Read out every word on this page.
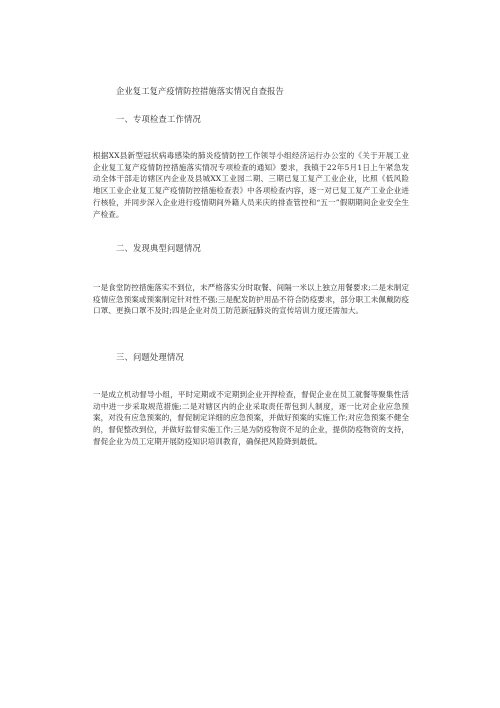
企业复工复产疫情防控措施落实情况自查报告
一、专项检查工作情况
根据XX县新型冠状病毒感染的肺炎疫情防控工作领导小组经济运行办公室的《关于开展工业企业复工复产疫情防控措施落实情况专项检查的通知》要求，我镇于22年5月1日上午紧急发动全体干部走访辖区内企业及县城XX工业园二期、三期已复工复产工业企业，比照《低风险地区工业企业复工复产疫情防控措施检查表》中各项检查内容，逐一对已复工复产工业企业进行核验，并同步深入企业进行疫情期间外籍人员来庆的排查管控和“五一”假期期间企业安全生产检查。
二、发现典型问题情况
一是食堂防控措施落实不到位，未严格落实分时取餐、间隔一米以上独立用餐要求;二是未制定疫情应急预案或预案制定针对性不强;三是配发防护用品不符合防疫要求，部分职工未佩戴防疫口罩、更换口罩不及时;四是企业对员工防范新冠肺炎的宣传培训力度还需加大。
三、问题处理情况
一是成立机动督导小组，平时定期或不定期到企业开捍检查，督促企业在员工就餐等聚集性活动中进一步采取规范措施;二是对辖区内的企业采取责任帮包到人制度，逐一比对企业应急预案，对没有应急预案的，督促制定详细的应急预案，并做好预案的实施工作;对应急预案不健全的，督促整改到位，并做好监督实施工作;三是为防疫物资不足的企业，提供防疫物资的支持，督促企业为员工定期开展防疫知识培训教育，确保把风险降到最低。
